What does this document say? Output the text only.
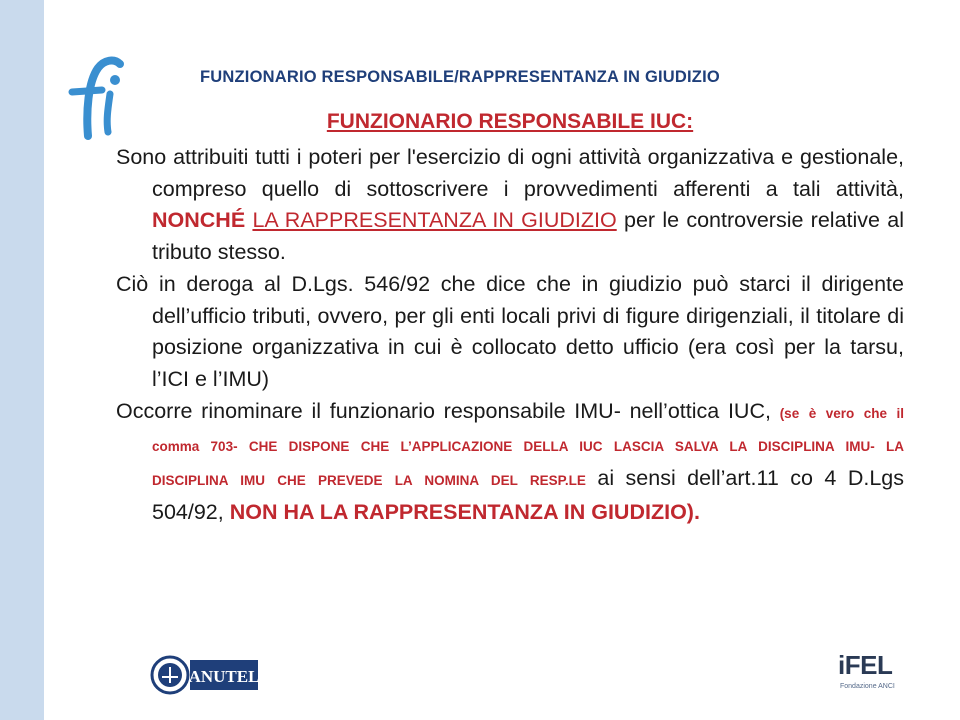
FUNZIONARIO RESPONSABILE/RAPPRESENTANZA IN GIUDIZIO
FUNZIONARIO RESPONSABILE IUC:

Sono attribuiti tutti i poteri per l'esercizio di ogni attività organizzativa e gestionale, compreso quello di sottoscrivere i provvedimenti afferenti a tali attività, NONCHÉ LA RAPPRESENTANZA IN GIUDIZIO per le controversie relative al tributo stesso.

Ciò in deroga al D.Lgs. 546/92 che dice che in giudizio può starci il dirigente dell’ufficio tributi, ovvero, per gli enti locali privi di figure dirigenziali, il titolare di posizione organizzativa in cui è collocato detto ufficio (era così per la tarsu, l’ICI e l’IMU)

Occorre rinominare il funzionario responsabile IMU- nell’ottica IUC, (se è vero che il comma 703- CHE DISPONE CHE L’APPLICAZIONE DELLA IUC LASCIA SALVA LA DISCIPLINA IMU- LA DISCIPLINA IMU CHE PREVEDE LA NOMINA DEL RESP.LE ai sensi dell’art.11 co 4 D.Lgs 504/92, NON HA LA RAPPRESENTANZA IN GIUDIZIO).

ANUTEL	iFEL
Fondazione ANCI
